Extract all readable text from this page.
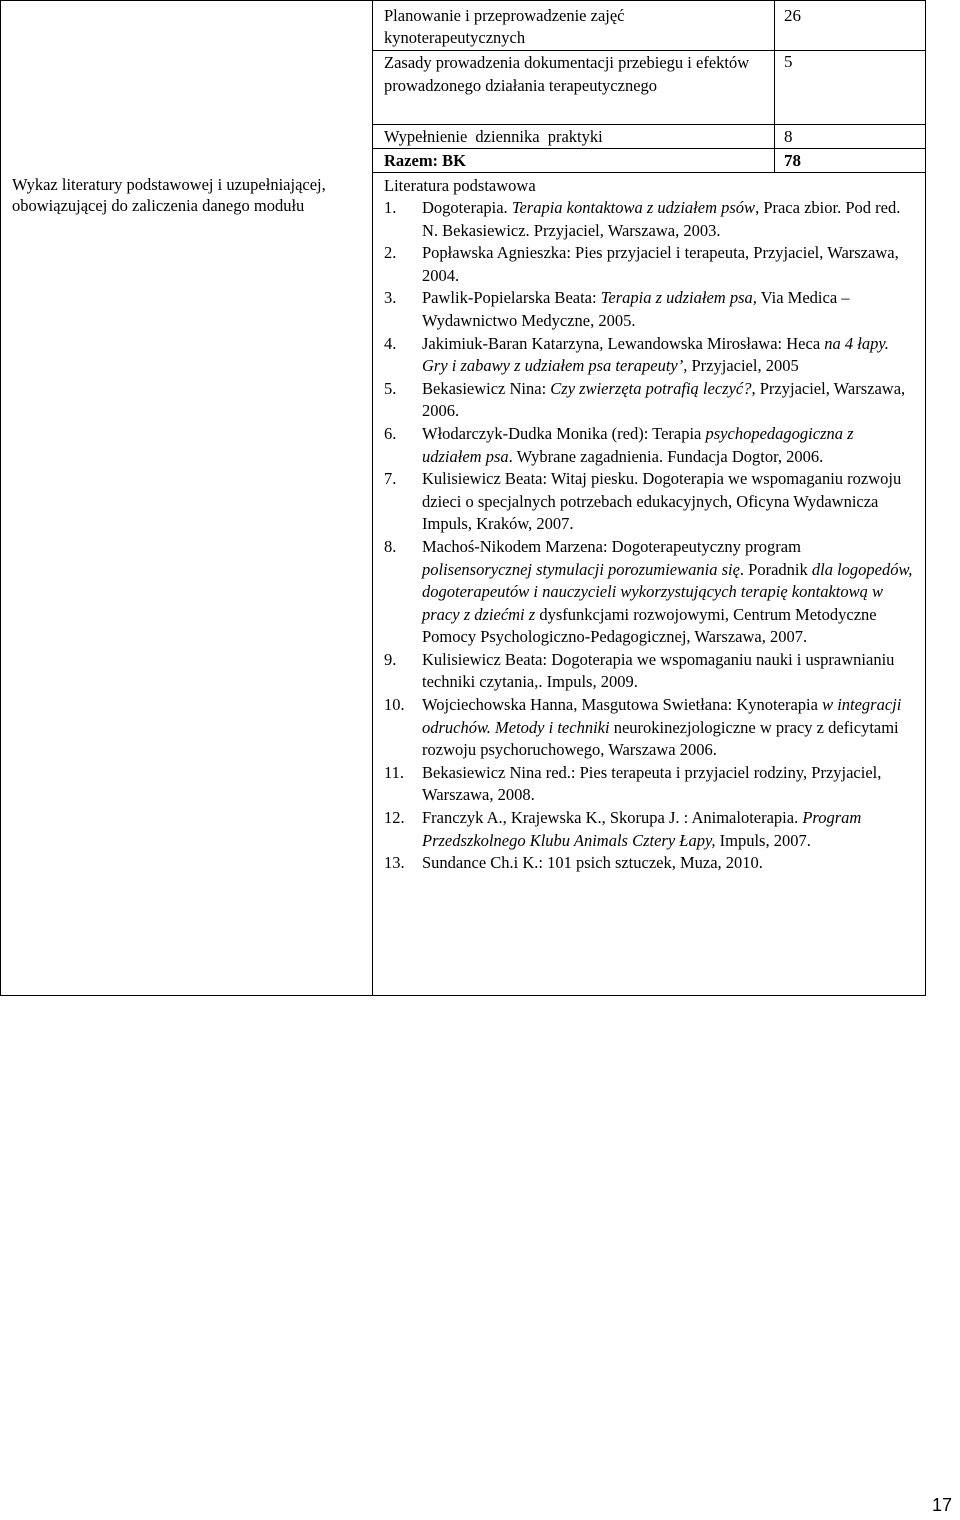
Wykaz literatury podstawowej i uzupełniającej, obowiązującej do zaliczenia danego modułu
Planowanie i przeprowadzenie zajęć kynoterapeutycznych
26
Zasady prowadzenia dokumentacji przebiegu i efektów prowadzonego działania terapeutycznego
5
Wypełnienie dziennika praktyki	8
Razem: BK	78
Literatura podstawowa
1. Dogoterapia. Terapia kontaktowa z udziałem psów, Praca zbior. Pod red. N. Bekasiewicz. Przyjaciel, Warszawa, 2003.
2. Popławska Agnieszka: Pies przyjaciel i terapeuta, Przyjaciel, Warszawa, 2004.
3. Pawlik-Popielarska Beata: Terapia z udziałem psa, Via Medica – Wydawnictwo Medyczne, 2005.
4. Jakimiuk-Baran Katarzyna, Lewandowska Mirosława: Heca na 4 łapy. Gry i zabawy z udziałem psa terapeuty’, Przyjaciel, 2005
5. Bekasiewicz Nina: Czy zwierzęta potrafią leczyć?, Przyjaciel, Warszawa, 2006.
6. Włodarczyk-Dudka Monika (red): Terapia psychopedagogiczna z udziałem psa. Wybrane zagadnienia. Fundacja Dogtor, 2006.
7. Kulisiewicz Beata: Witaj piesku. Dogoterapia we wspomaganiu rozwoju dzieci o specjalnych potrzebach edukacyjnych, Oficyna Wydawnicza Impuls, Kraków, 2007.
8. Machoś-Nikodem Marzena: Dogoterapeutyczny program polisensorycznej stymulacji porozumiewania się. Poradnik dla logopedów, dogoterapeutów i nauczycieli wykorzystujących terapię kontaktową w pracy z dziećmi z dysfunkcjami rozwojowymi, Centrum Metodyczne Pomocy Psychologiczno-Pedagogicznej, Warszawa, 2007.
9. Kulisiewicz Beata: Dogoterapia we wspomaganiu nauki i usprawnianiu techniki czytania,. Impuls, 2009.
10. Wojciechowska Hanna, Masgutowa Swietłana: Kynoterapia w integracji odruchów. Metody i techniki neurokinezjologiczne w pracy z deficytami rozwoju psychoruchowego, Warszawa 2006.
11. Bekasiewicz Nina red.: Pies terapeuta i przyjaciel rodziny, Przyjaciel, Warszawa, 2008.
12. Franczyk A., Krajewska K., Skorupa J. : Animaloterapia. Program Przedszkolnego Klubu Animals Cztery Łapy, Impuls, 2007.
13. Sundance Ch.i K.: 101 psich sztuczek, Muza, 2010.
17
